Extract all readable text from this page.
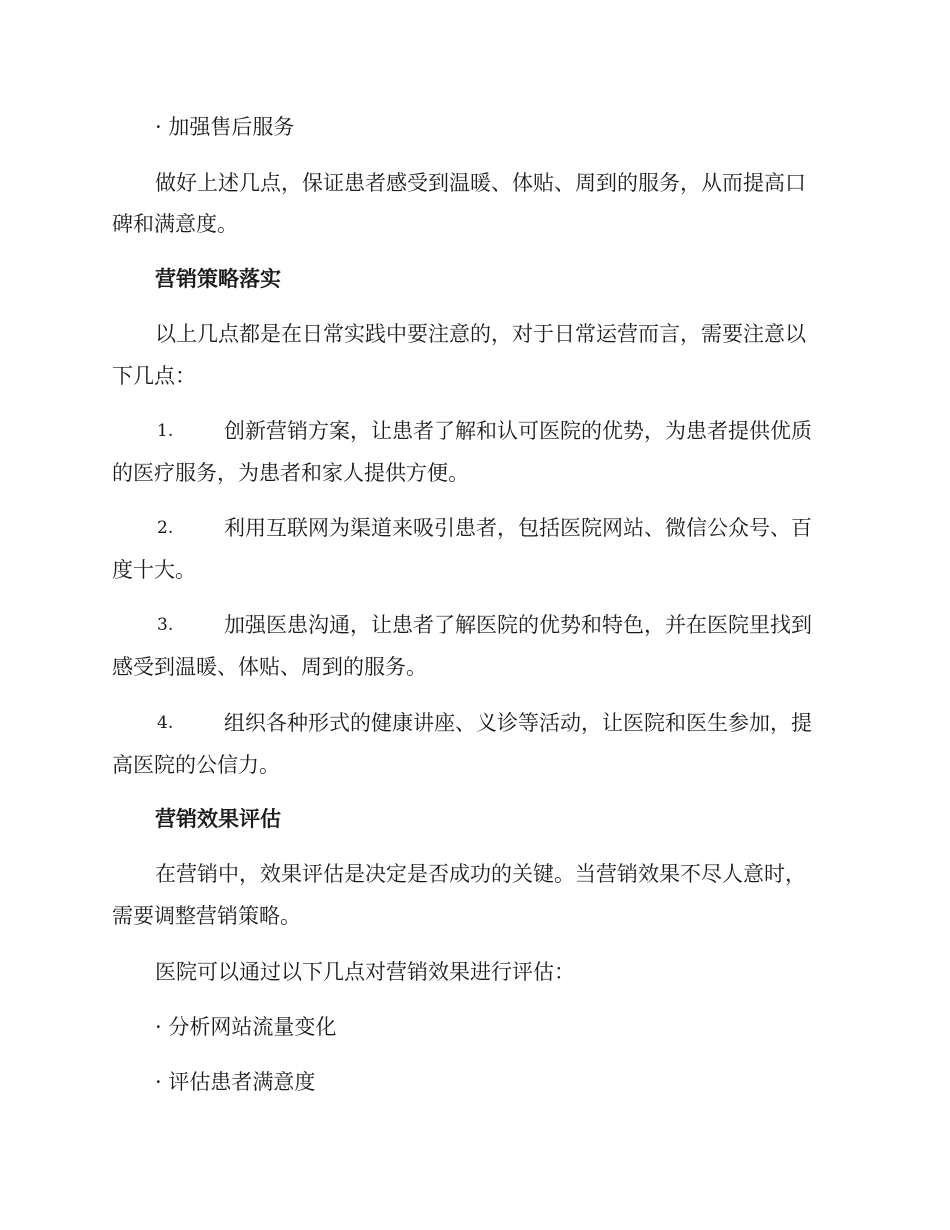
· 加强售后服务
做好上述几点，保证患者感受到温暖、体贴、周到的服务，从而提高口
碑和满意度。
营销策略落实
以上几点都是在日常实践中要注意的，对于日常运营而言，需要注意以
下几点：
1. 创新营销方案，让患者了解和认可医院的优势，为患者提供优质
的医疗服务，为患者和家人提供方便。
2. 利用互联网为渠道来吸引患者，包括医院网站、微信公众号、百
度十大。
3. 加强医患沟通，让患者了解医院的优势和特色，并在医院里找到
感受到温暖、体贴、周到的服务。
4. 组织各种形式的健康讲座、义诊等活动，让医院和医生参加，提
高医院的公信力。
营销效果评估
在营销中，效果评估是决定是否成功的关键。当营销效果不尽人意时，
需要调整营销策略。
医院可以通过以下几点对营销效果进行评估：
· 分析网站流量变化
· 评估患者满意度
